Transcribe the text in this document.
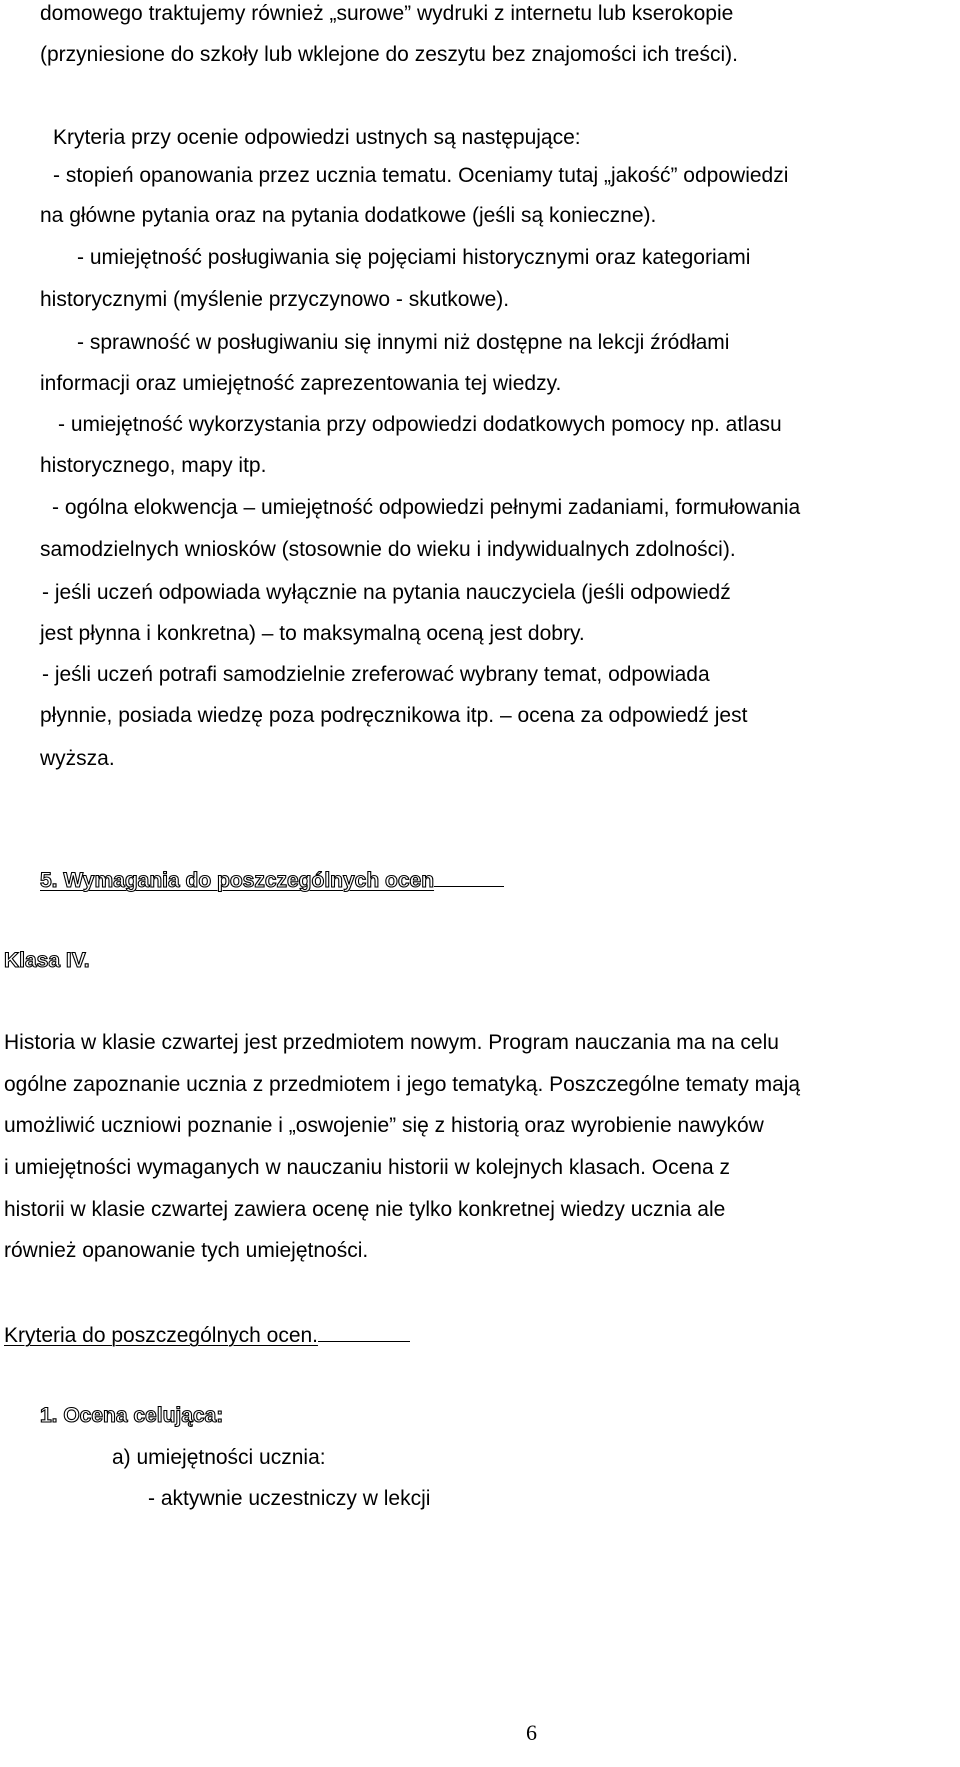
domowego traktujemy również „surowe” wydruki z internetu lub kserokopie
(przyniesione do szkoły lub wklejone do zeszytu bez znajomości ich treści).
Kryteria przy ocenie odpowiedzi ustnych są następujące:
- stopień opanowania przez ucznia tematu. Oceniamy tutaj „jakość” odpowiedzi
na główne pytania oraz na pytania dodatkowe (jeśli są konieczne).
- umiejętność posługiwania się pojęciami historycznymi oraz kategoriami
historycznymi (myślenie przyczynowo - skutkowe).
- sprawność w posługiwaniu się innymi niż dostępne na lekcji źródłami
informacji oraz umiejętność zaprezentowania tej wiedzy.
- umiejętność wykorzystania przy odpowiedzi dodatkowych pomocy np. atlasu
historycznego, mapy itp.
- ogólna elokwencja – umiejętność odpowiedzi pełnymi zadaniami, formułowania
samodzielnych wniosków (stosownie do wieku i indywidualnych zdolności).
- jeśli uczeń odpowiada wyłącznie na pytania nauczyciela (jeśli odpowiedź
jest płynna i konkretna) – to maksymalną oceną jest dobry.
- jeśli uczeń potrafi samodzielnie zreferować wybrany temat, odpowiada
płynnie, posiada wiedzę poza podręcznikowa itp. – ocena za odpowiedź jest
wyższa.
5. Wymagania do poszczególnych ocen
Klasa IV.
Historia w klasie czwartej jest przedmiotem nowym. Program nauczania ma na celu
ogólne zapoznanie ucznia z przedmiotem i jego tematyką. Poszczególne tematy mają
umożliwić uczniowi poznanie i „oswojenie” się z historią oraz wyrobienie nawyków
i umiejętności wymaganych w nauczaniu historii w kolejnych klasach. Ocena z
historii w klasie czwartej zawiera ocenę nie tylko konkretnej wiedzy ucznia ale
również opanowanie tych umiejętności.
Kryteria do poszczególnych ocen.
1. Ocena celująca:
a) umiejętności ucznia:
- aktywnie uczestniczy w lekcji
6
